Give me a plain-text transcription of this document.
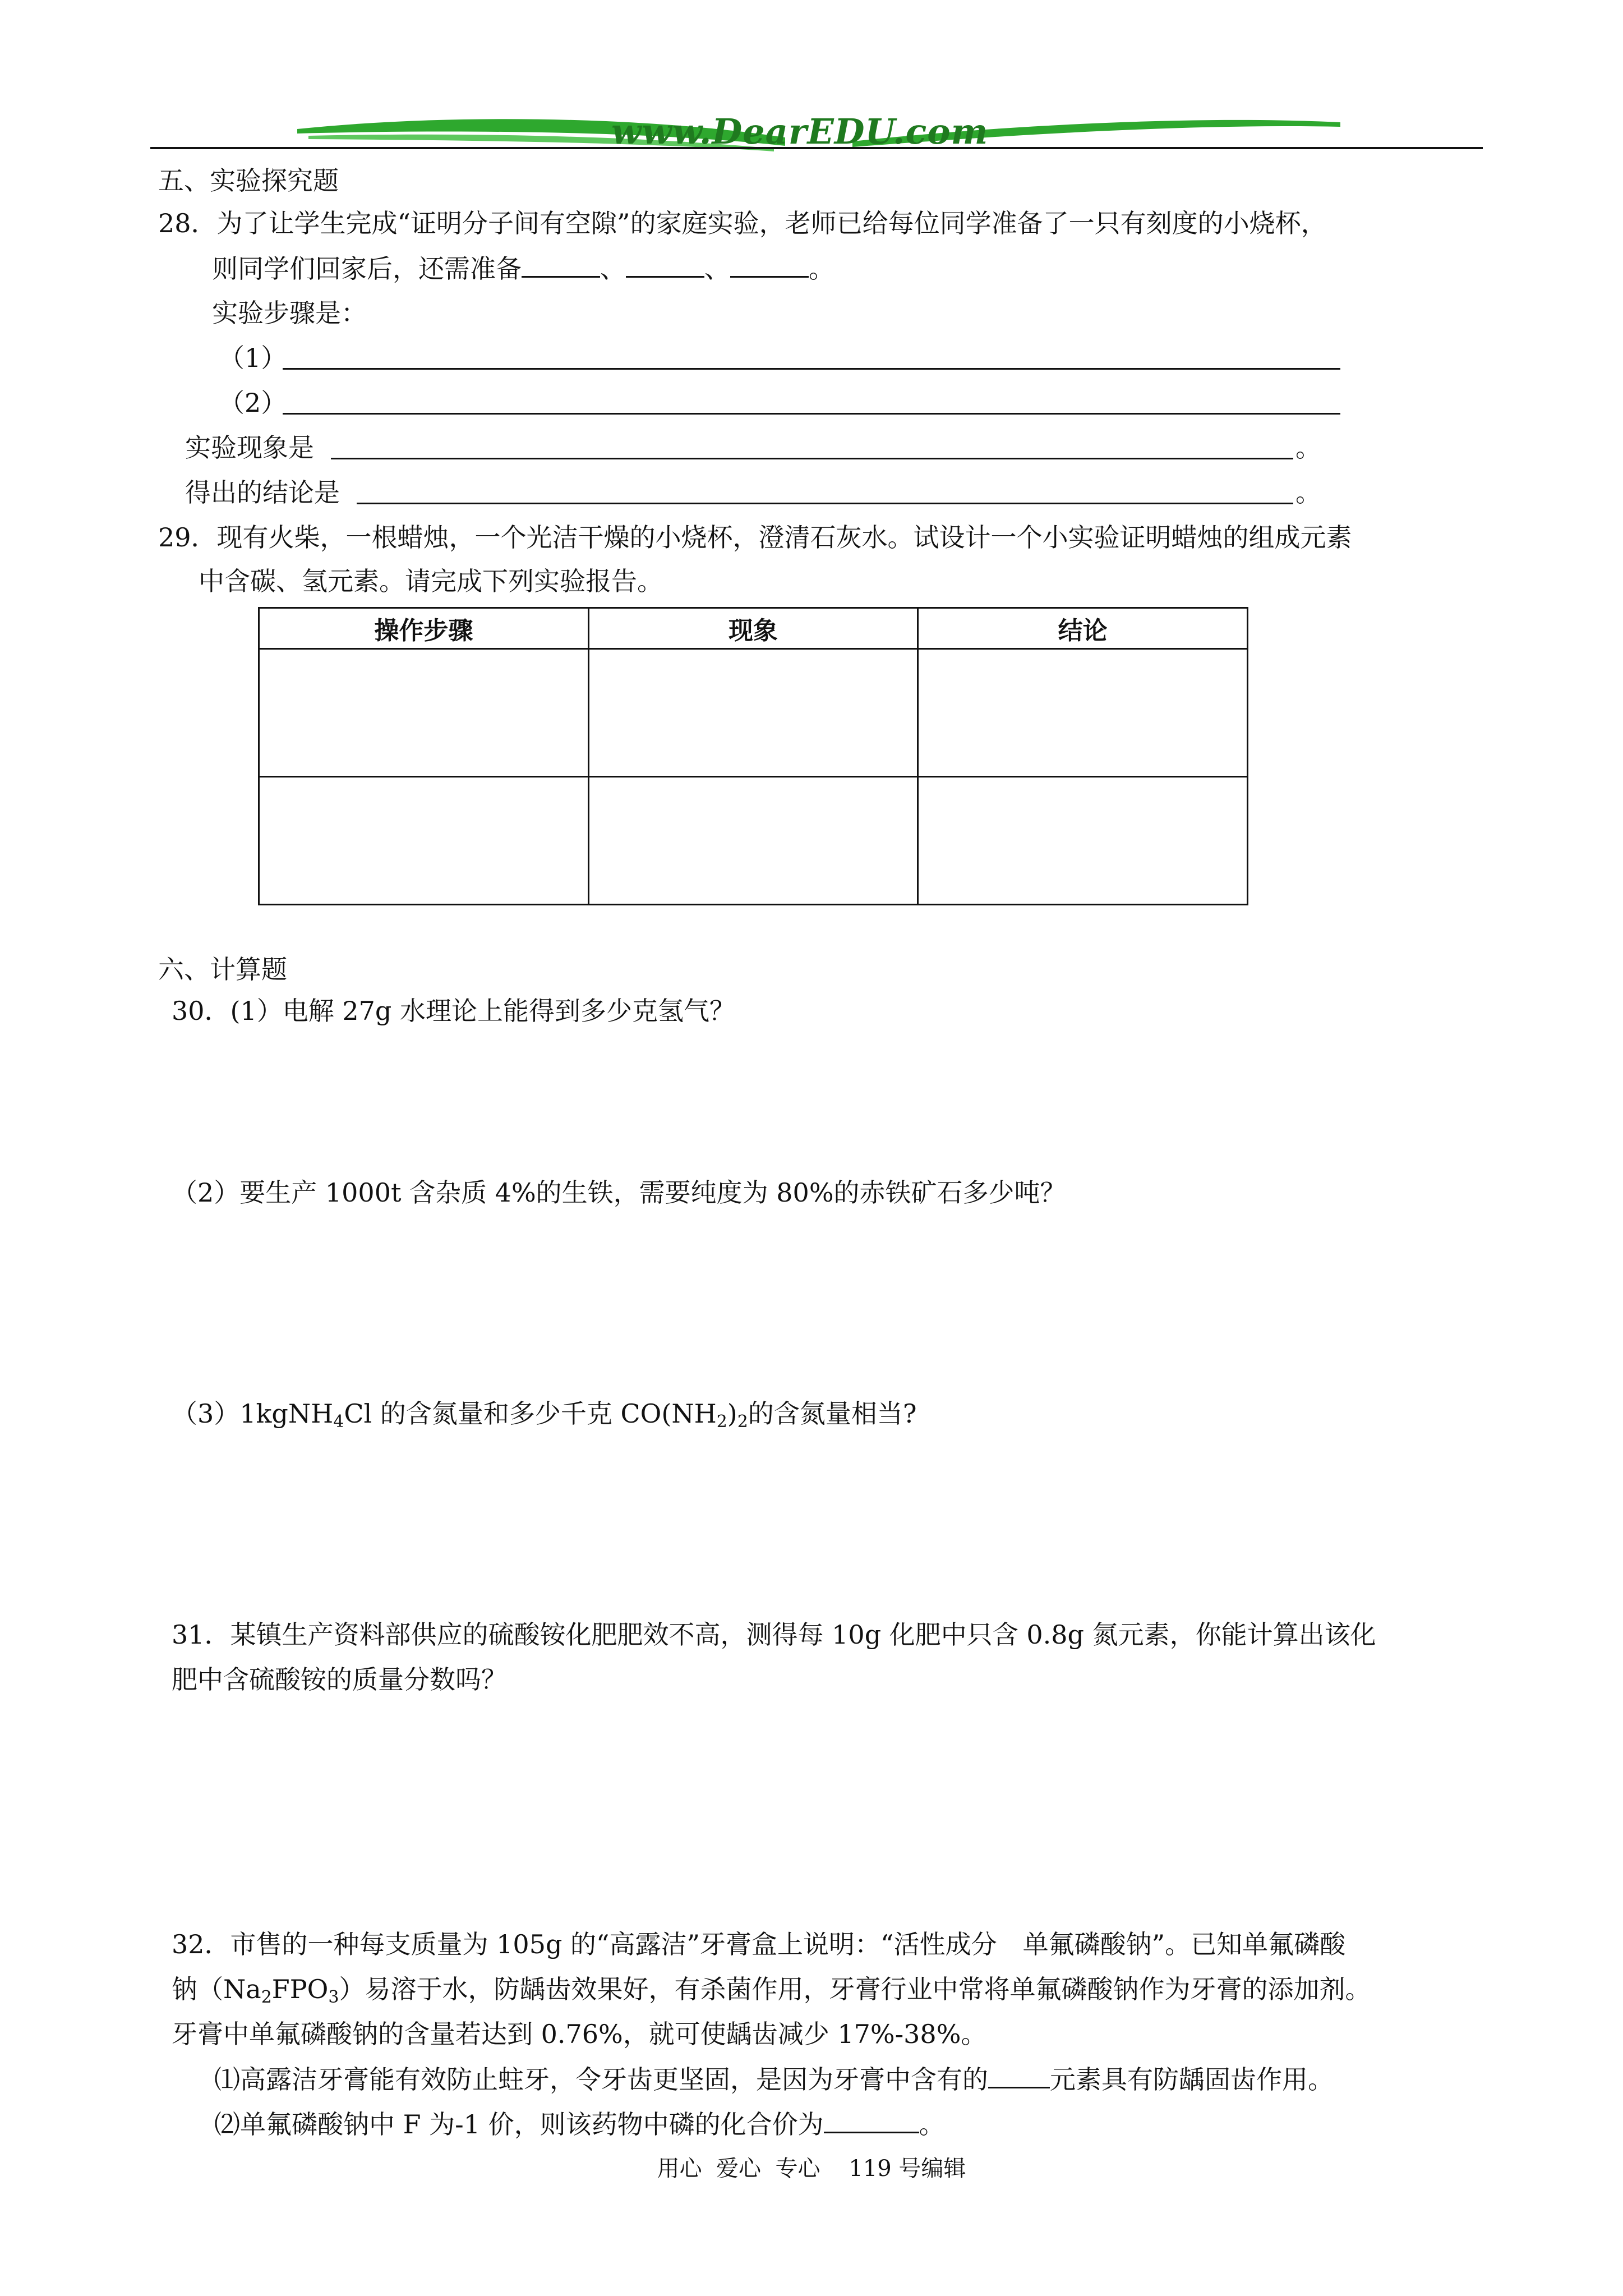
www.DearEDU.com
五、实验探究题
28．为了让学生完成“证明分子间有空隙”的家庭实验，老师已给每位同学准备了一只有刻度的小烧杯，
则同学们回家后，还需准备	、	、	。
实验步骤是：
（1）
（2）
实验现象是	。
得出的结论是	。
29．现有火柴，一根蜡烛，一个光洁干燥的小烧杯，澄清石灰水。试设计一个小实验证明蜡烛的组成元素
中含碳、氢元素。请完成下列实验报告。
操作步骤	现象	结论

六、计算题
30．(1）电解 27g 水理论上能得到多少克氢气？
（2）要生产 1000t 含杂质 4%的生铁，需要纯度为 80%的赤铁矿石多少吨？
（3）1kgNH$_4$Cl 的含氮量和多少千克 $CO(NH_2)_2$的含氮量相当?
31．某镇生产资料部供应的硫酸铵化肥肥效不高，测得每 10g 化肥中只含 0.8g 氮元素，你能计算出该化
肥中含硫酸铵的质量分数吗？
32．市售的一种每支质量为 105g 的“高露洁”牙膏盒上说明：“活性成分　单氟磷酸钠”。已知单氟磷酸
钠$(Na_2FPO_3)$易溶于水，防龋齿效果好，有杀菌作用，牙膏行业中常将单氟磷酸钠作为牙膏的添加剂。
牙膏中单氟磷酸钠的含量若达到 0.76%，就可使龋齿减少 17%-38%。
⑴高露洁牙膏能有效防止蛀牙，令牙齿更坚固，是因为牙膏中含有的 元素具有防龋固齿作用。
⑵单氟磷酸钠中 F 为-1 价，则该药物中磷的化合价为	。
用心  爱心  专心    119 号编辑
